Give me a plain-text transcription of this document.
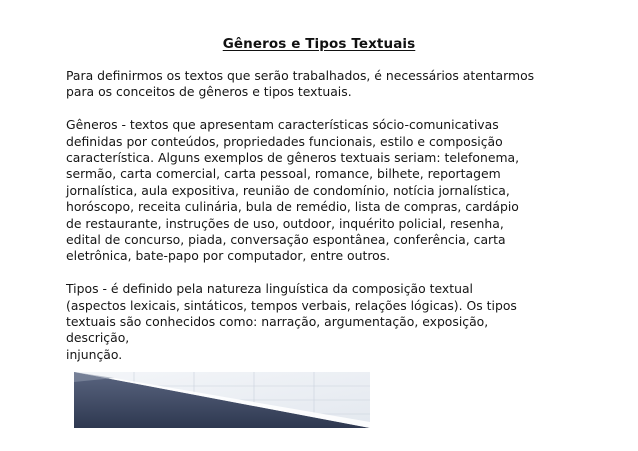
Gêneros e Tipos Textuais

Para definirmos os textos que serão trabalhados, é necessários atentarmos
para os conceitos de gêneros e tipos textuais.

Gêneros - textos que apresentam características sócio-comunicativas
definidas por conteúdos, propriedades funcionais, estilo e composição
característica. Alguns exemplos de gêneros textuais seriam: telefonema,
sermão, carta comercial, carta pessoal, romance, bilhete, reportagem
jornalística, aula expositiva, reunião de condomínio, notícia jornalística,
horóscopo, receita culinária, bula de remédio, lista de compras, cardápio
de restaurante, instruções de uso, outdoor, inquérito policial, resenha,
edital de concurso, piada, conversação espontânea, conferência, carta
eletrônica, bate-papo por computador, entre outros.

Tipos - é definido pela natureza linguística da composição textual
(aspectos lexicais, sintáticos, tempos verbais, relações lógicas). Os tipos
textuais são conhecidos como: narração, argumentação, exposição,
descrição,
injunção.
